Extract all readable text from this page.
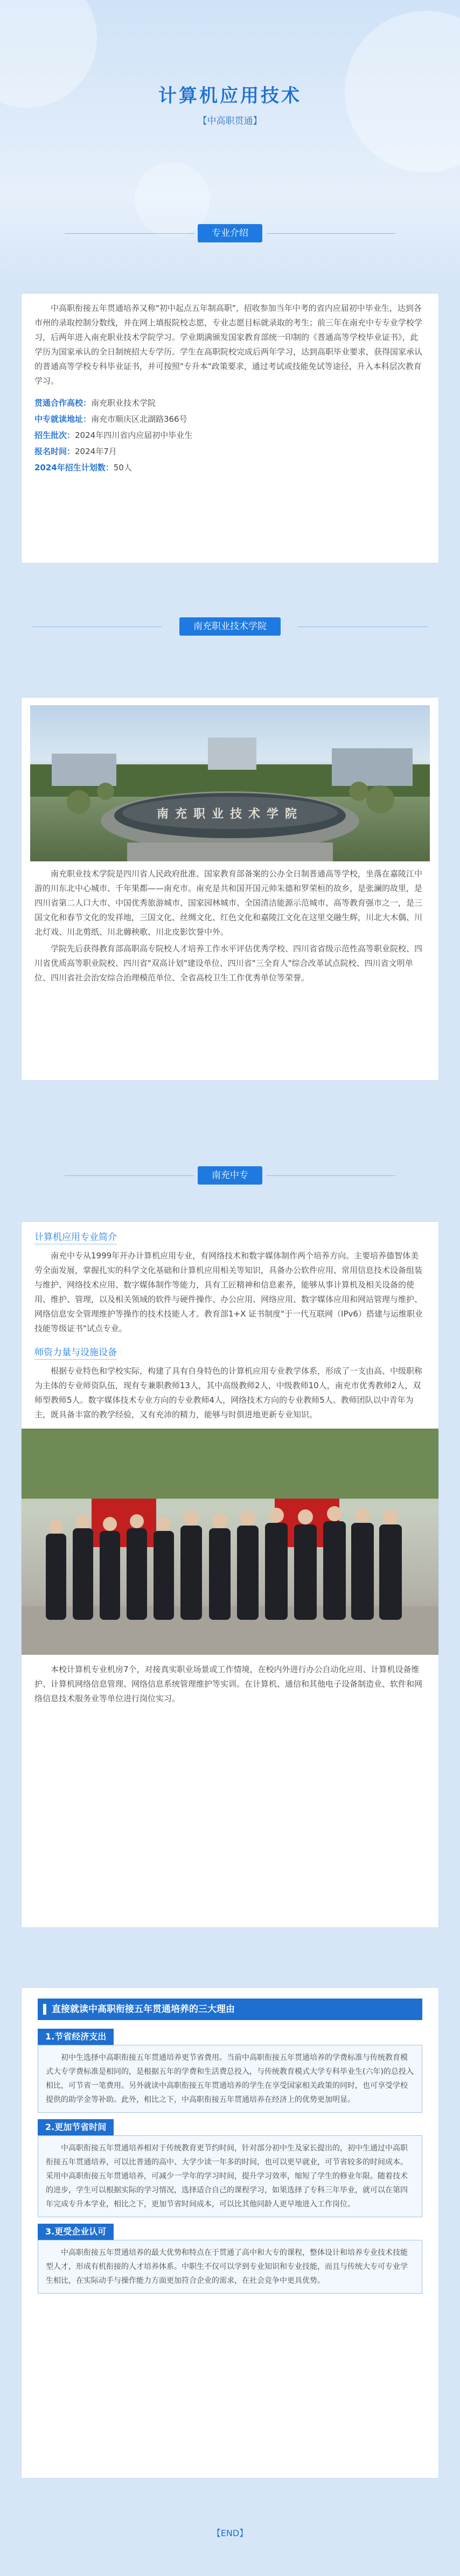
计算机应用技术
【中高职贯通】
专业介绍

中高职衔接五年贯通培养又称"初中起点五年制高职"，招收参加当年中考的省内应届初中毕业生，达到各市州的录取控制分数线，并在网上填报院校志愿，专业志愿目标就录取的考生；前三年在南充中专专业学校学习，后两年进入南充职业技术学院学习。学业期满颁发国家教育部统一印制的《普通高等学校毕业证书》，此学历为国家承认的全日制统招大专学历。学生在高职院校完成后两年学习，达到高职毕业要求，获得国家承认的普通高等学校专科毕业证书，并可按照"专升本"政策要求，通过考试或技能免试等途径，升入本科层次教育学习。

贯通合作高校：南充职业技术学院
中专就读地址：南充市顺庆区北湖路366号
招生批次：2024年四川省内应届初中毕业生
报名时间：2024年7月
2024年招生计划数：50人
南充职业技术学院
南充职业技术学院

南充职业技术学院是四川省人民政府批准、国家教育部备案的公办全日制普通高等学校，坐落在嘉陵江中游的川东北中心城市、千年果都——南充市。南充是共和国开国元帅朱德和罗荣桓的故乡，是张澜的故里，是四川省第二人口大市、中国优秀旅游城市、国家园林城市、全国清洁能源示范城市、高等教育强市之一，是三国文化和春节文化的发祥地，三国文化、丝绸文化、红色文化和嘉陵江文化在这里交融生辉，川北大木偶、川北灯戏、川北剪纸、川北薅秧歌、川北皮影饮誉中外。

学院先后获得教育部高职高专院校人才培养工作水平评估优秀学校、四川省省级示范性高等职业院校、四川省优质高等职业院校、四川省"双高计划"建设单位、四川省"三全育人"综合改革试点院校、四川省文明单位、四川省社会治安综合治理模范单位、全省高校卫生工作优秀单位等荣誉。

南充中专
计算机应用专业简介

南充中专从1999年开办计算机应用专业，有网络技术和数字媒体制作两个培养方向。主要培养德智体美劳全面发展，掌握扎实的科学文化基础和计算机应用相关等知识，具备办公软件应用、常用信息技术设备组装与维护、网络技术应用、数字媒体制作等能力，具有工匠精神和信息素养，能够从事计算机及相关设备的使用、维护、管理，以及相关领域的软件与硬件操作、办公应用、网络应用、数字媒体应用和网站管理与维护、网络信息安全管理维护等操作的技术技能人才。教育部1+X 证书制度"于一代互联网（IPv6）搭建与运维职业技能等级证书"试点专业。

师资力量与设施设备

根据专业特色和学校实际，构建了具有自身特色的计算机应用专业教学体系，形成了一支由高、中级职称为主体的专业师资队伍，现有专兼职教师13人，其中高级教师2人，中级教师10人，南充市优秀教师2人，双师型教师5人。数字媒体技术专业方向的专业教师4人，网络技术方向的专业教师5人。教师团队以中青年为主，既具备丰富的教学经验，又有充沛的精力，能够与时俱进地更新专业知识。

本校计算机专业机房7个，对接真实职业场景或工作情境，在校内外进行办公自动化应用、计算机设备维护、计算机网络信息管理、网络信息系统管理维护等实训。在计算机、通信和其他电子设备制造业、软件和网络信息技术服务业等单位进行岗位实习。

直接就读中高职衔接五年贯通培养的三大理由
1.节省经济支出

初中生选择中高职衔接五年贯通培养更节省费用。当前中高职衔接五年贯通培养的学费标准与传统教育模式大专学费标准是相同的，是根据五年的学费和生活费总投入，与传统教育模式大学专科毕业生(六年)的总投入相比，可节省一笔费用。另外就读中高职衔接五年贯通培养的学生在享受国家相关政策的同时，也可享受学校提供的助学金等补助。此外，相比之下，中高职衔接五年贯通培养在经济上的优势更加明显。

2.更加节省时间

中高职衔接五年贯通培养相对于传统教育更节约时间，针对部分初中生及家长提出的，初中生通过中高职衔接五年贯通培养，可以比普通的高中、大学少读一年多的时间，也可以更早就业，可节省较多的时间成本。采用中高职衔接五年贯通培养，可减少一学年的学习时间，提升学习效率，缩短了学生的修业年限。随着技术的进步，学生可以根据实际的学习情况，选择适合自己的课程学习，如果选择了专科三年毕业，就可以在第四年完成专升本学业，相比之下，更加节省时间成本，可以比其他同龄人更早地进入工作岗位。

3.更受企业认可

中高职衔接五年贯通培养的最大优势和特点在于贯通了高中和大专的课程，整体设计和培养专业技术技能型人才，形成有机衔接的人才培养体系。中职生不仅可以学到专业知识和专业技能，而且与传统大专可专业学生相比，在实际动手与操作能力方面更加符合企业的需求，在社会竞争中更具优势。

【END】
